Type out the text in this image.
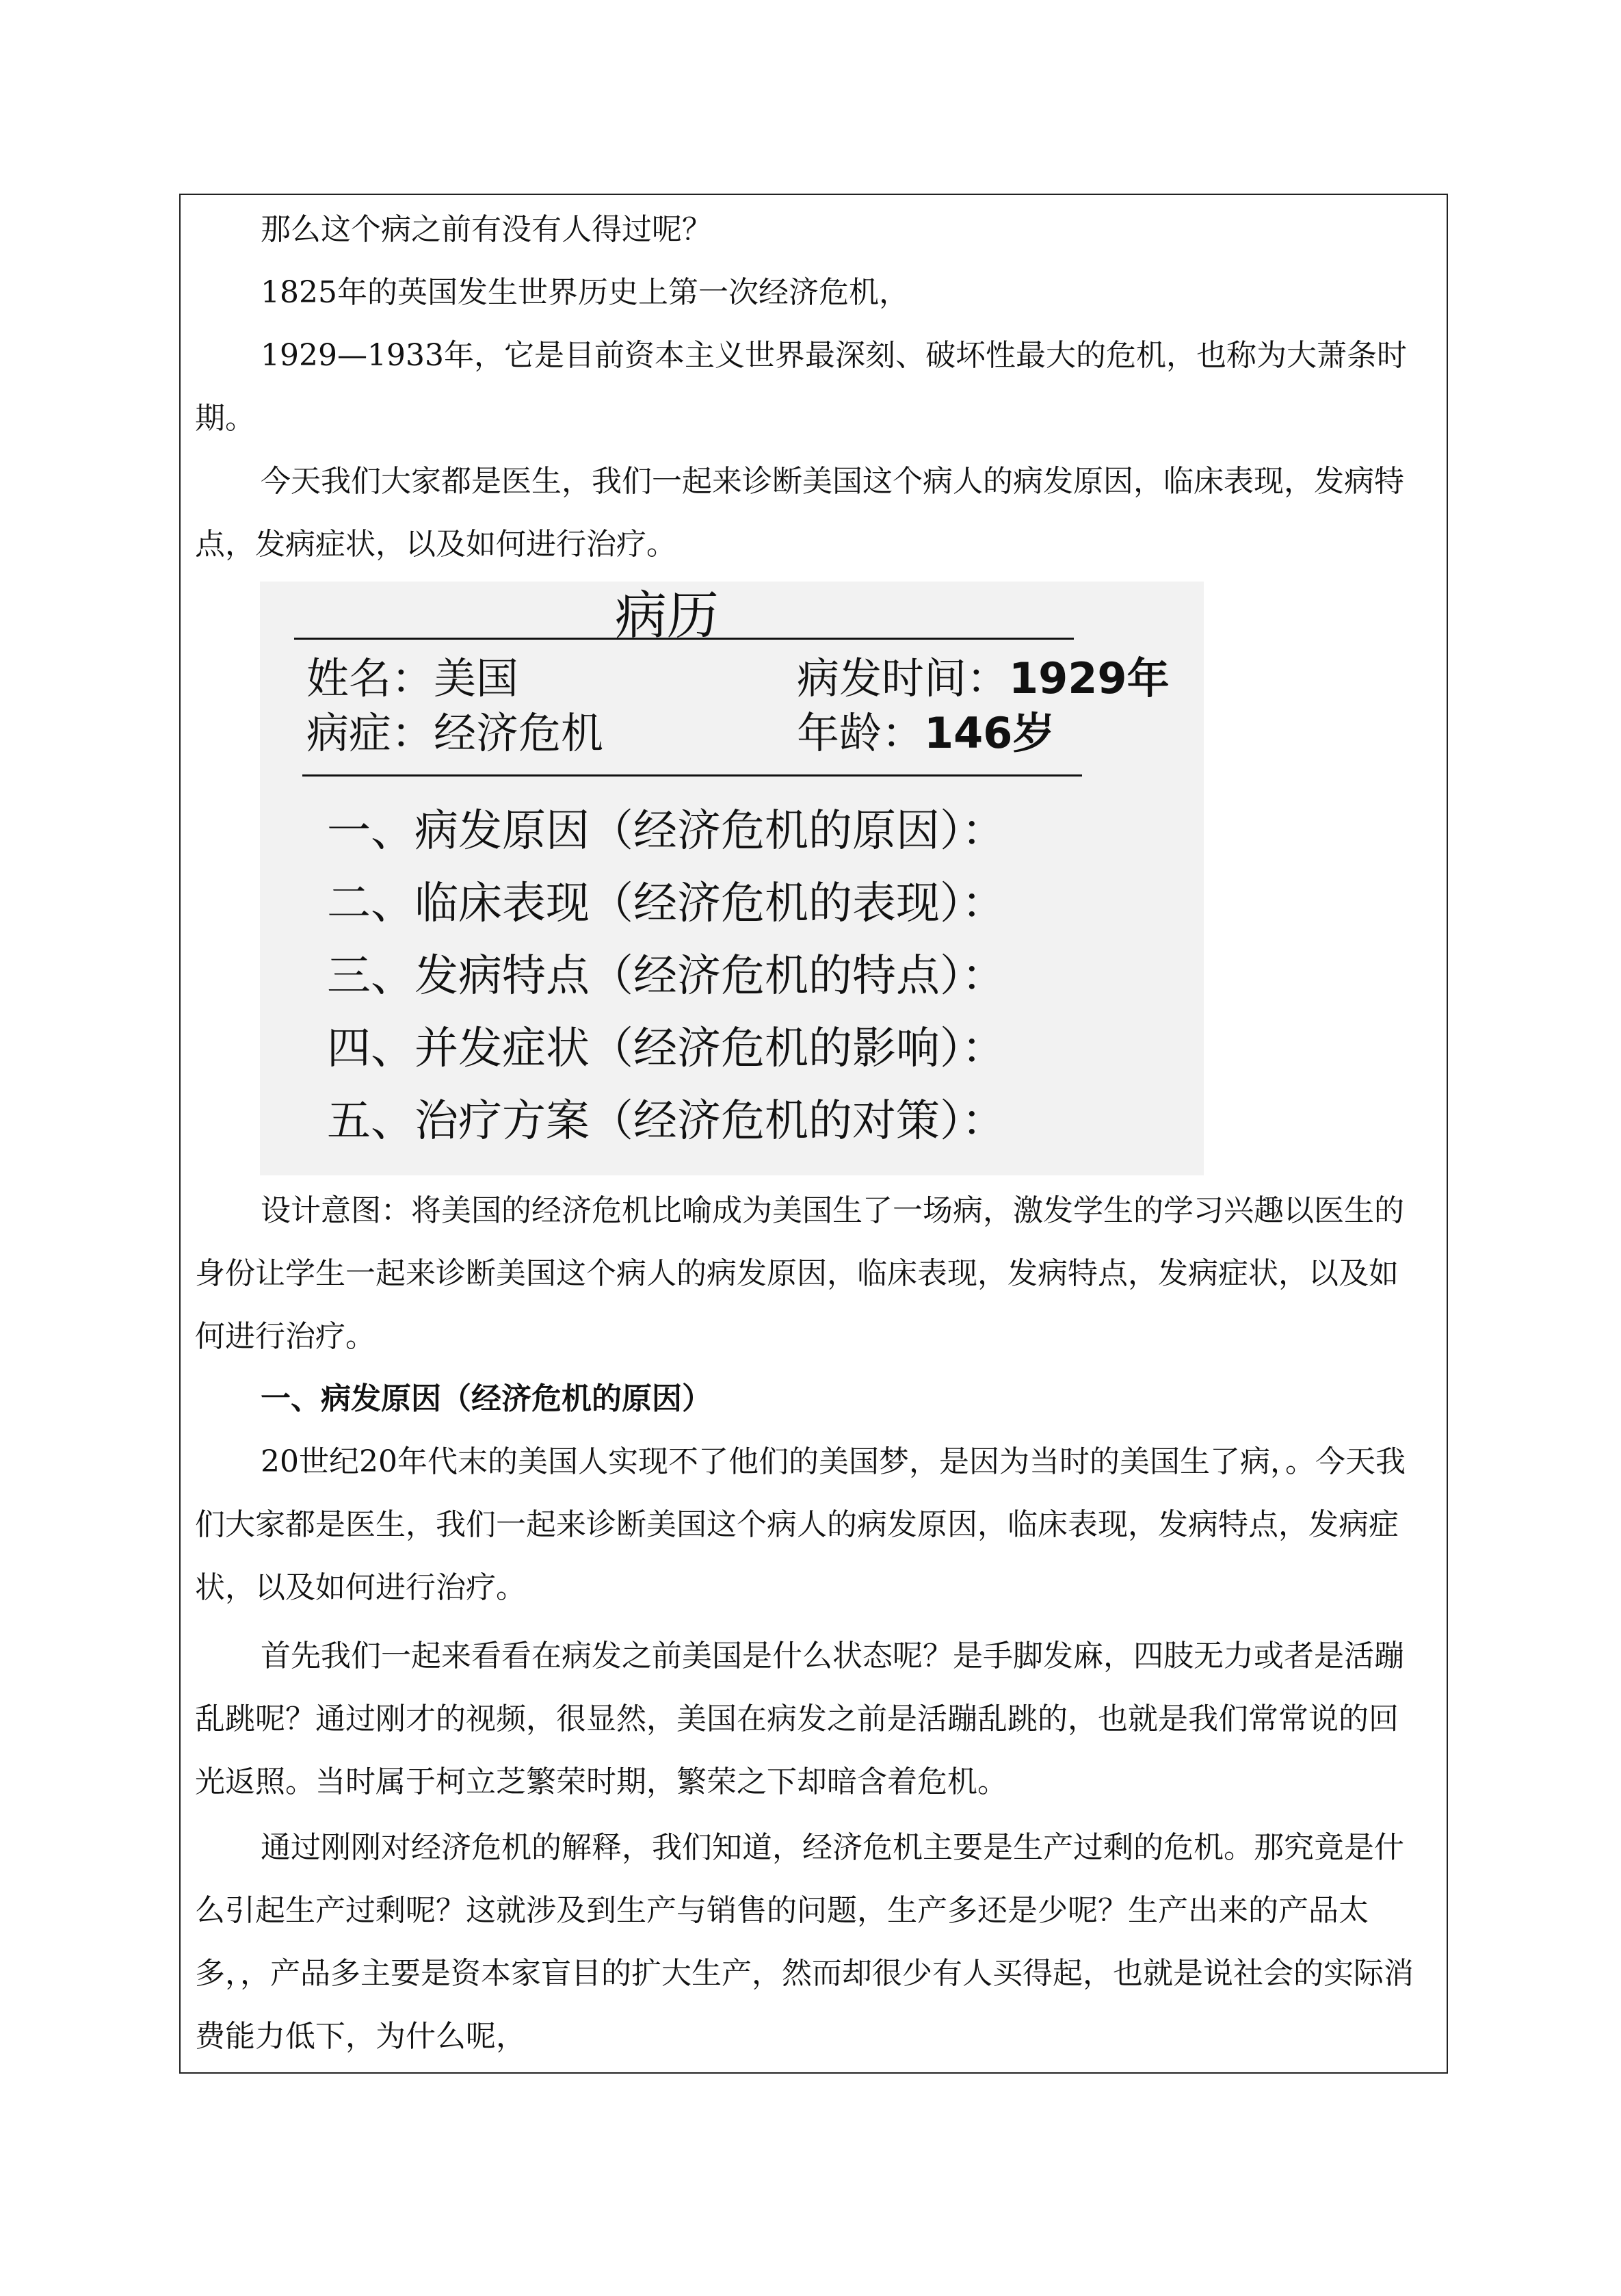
那么这个病之前有没有人得过呢？

1825年的英国发生世界历史上第一次经济危机，

1929—1933年，它是目前资本主义世界最深刻、破坏性最大的危机，也称为大萧条时期。

今天我们大家都是医生，我们一起来诊断美国这个病人的病发原因，临床表现，发病特点，发病症状，以及如何进行治疗。

病历
姓名：美国	病发时间：1929年
病症：经济危机	年龄：146岁
一、病发原因（经济危机的原因）：
二、临床表现（经济危机的表现）：
三、发病特点（经济危机的特点）：
四、并发症状（经济危机的影响）：
五、治疗方案（经济危机的对策）：

设计意图：将美国的经济危机比喻成为美国生了一场病，激发学生的学习兴趣以医生的身份让学生一起来诊断美国这个病人的病发原因，临床表现，发病特点，发病症状，以及如何进行治疗。

一、病发原因（经济危机的原因）

20世纪20年代末的美国人实现不了他们的美国梦，是因为当时的美国生了病，。今天我们大家都是医生，我们一起来诊断美国这个病人的病发原因，临床表现，发病特点，发病症状，以及如何进行治疗。

首先我们一起来看看在病发之前美国是什么状态呢？是手脚发麻，四肢无力或者是活蹦乱跳呢？通过刚才的视频，很显然，美国在病发之前是活蹦乱跳的，也就是我们常常说的回光返照。当时属于柯立芝繁荣时期，繁荣之下却暗含着危机。

通过刚刚对经济危机的解释，我们知道，经济危机主要是生产过剩的危机。那究竟是什么引起生产过剩呢？这就涉及到生产与销售的问题，生产多还是少呢？生产出来的产品太多，，产品多主要是资本家盲目的扩大生产，然而却很少有人买得起，也就是说社会的实际消费能力低下，为什么呢，
